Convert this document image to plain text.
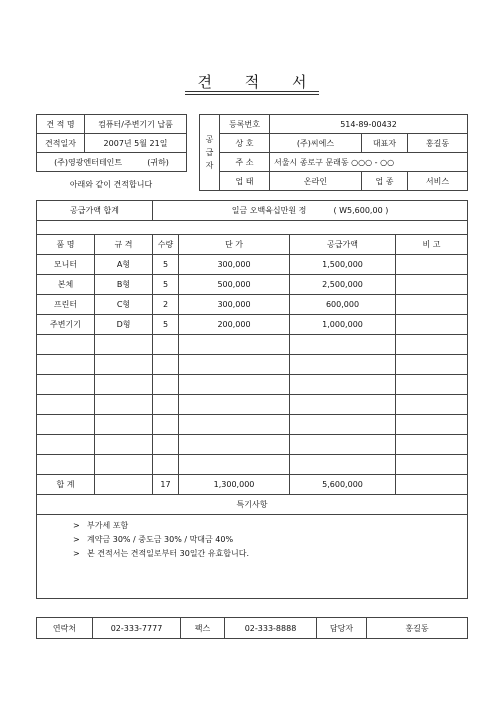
견 적 서
견 적 명	컴퓨터/주변기기 납품
견적일자	2007년 5월 21일
(주)영광엔터테인트 (귀하)	
아래와 같이 견적합니다
공
급
자	등록번호	514-89-00432		
	상 호	(주)씨에스	대표자	홍길동
	주 소	서울시 종로구 문래동 ○○○ - ○○		
	업 태	온라인	업 종	서비스
공급가액 합계		일금 오백육십만원 정 ( W5,600,00 )			

품 명	규 격	수량	단 가	공급가액	비 고
모니터	A형	5	300,000	1,500,000	
본체	B형	5	500,000	2,500,000	
프린터	C형	2	300,000	600,000	
주변기기	D형	5	200,000	1,000,000	

합 계		17	1,300,000	5,600,000	
특기사항					

> 부가세 포함
> 계약금 30% / 중도금 30% / 막대금 40%
> 본 견적서는 견적일로부터 30일간 유효합니다.					
연락처	02-333-7777	팩스	02-333-8888	담당자	홍길동
